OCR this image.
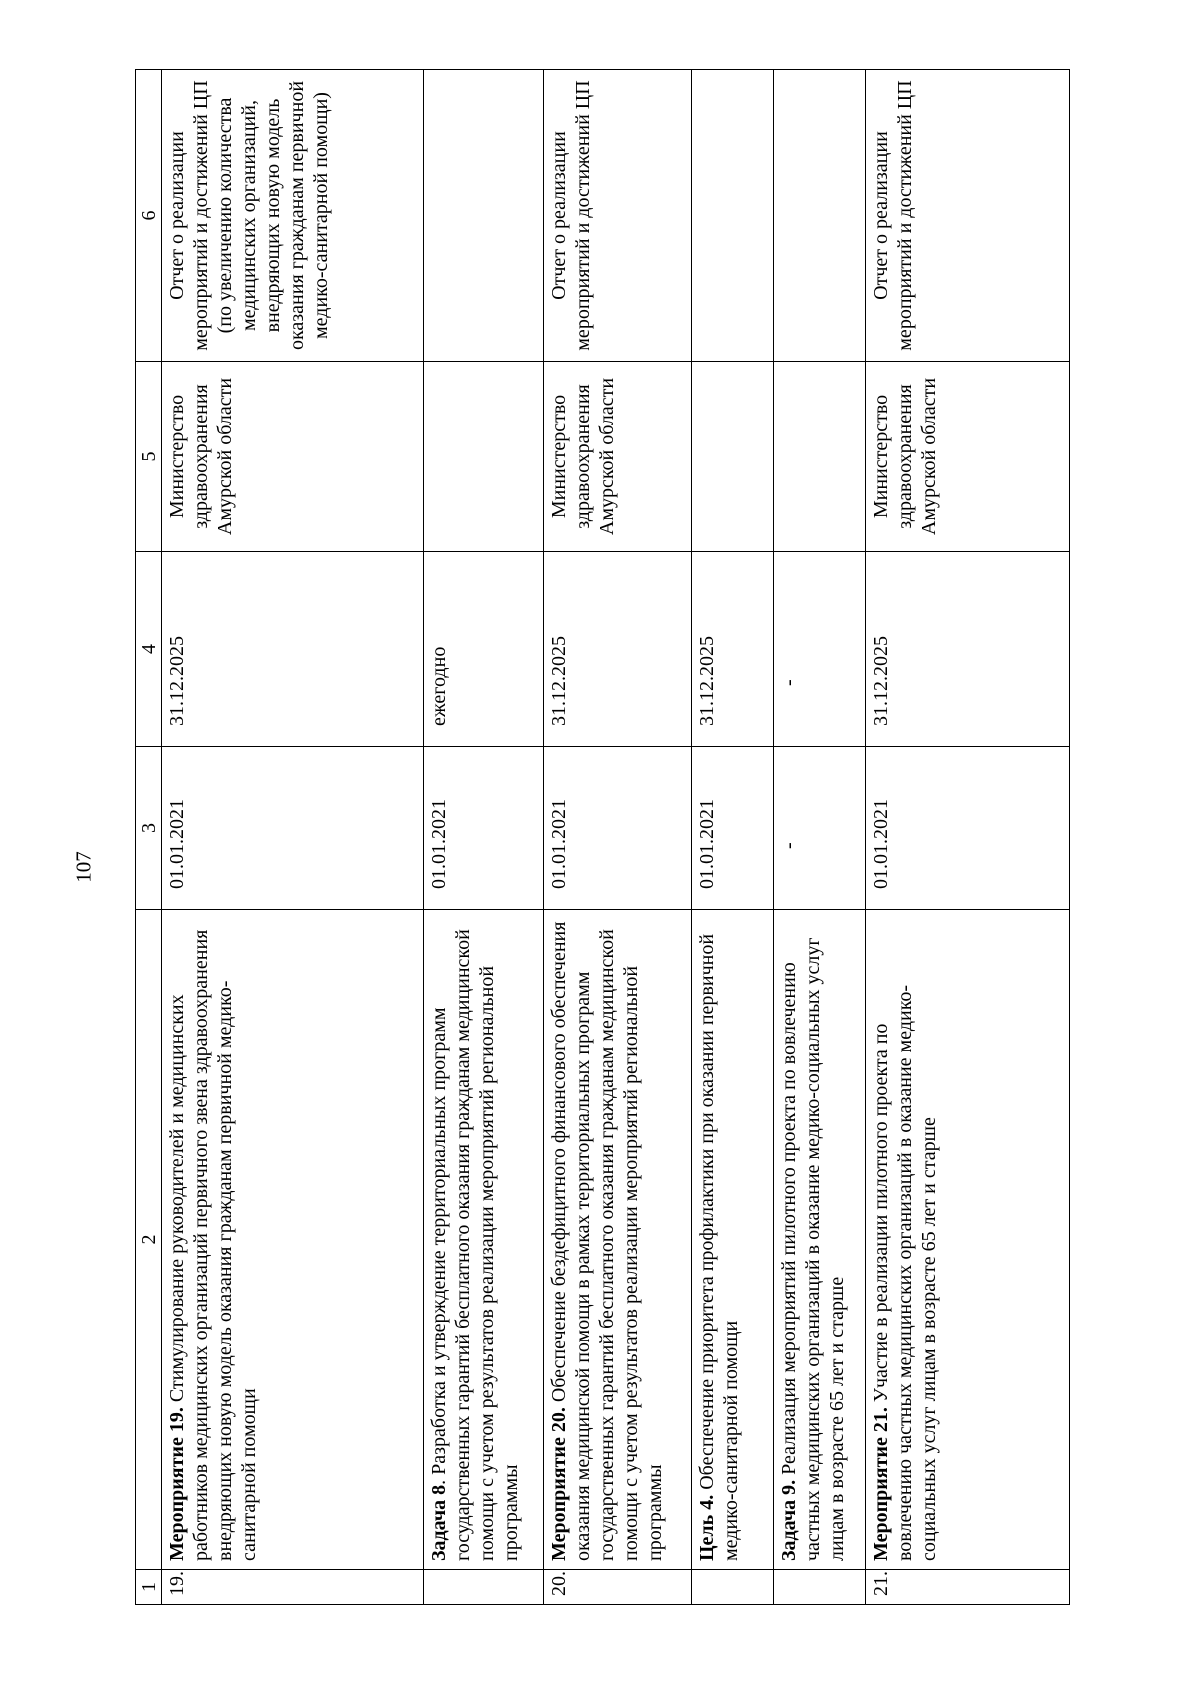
107
1	2	3	4	5	6
19.	Мероприятие 19. Стимулирование руководителей и медицинских работников медицинских организаций первичного звена здравоохранения внедряющих новую модель оказания гражданам первичной медико-санитарной помощи	01.01.2021	31.12.2025	Министерство здравоохранения Амурской области	Отчет о реализации мероприятий и достижений ЦП (по увеличению количества медицинских организаций, внедряющих новую модель оказания гражданам первичной медико-санитарной помощи)
	Задача 8. Разработка и утверждение территориальных программ государственных гарантий бесплатного оказания гражданам медицинской помощи с учетом результатов реализации мероприятий региональной программы	01.01.2021	ежегодно		
20.	Мероприятие 20. Обеспечение бездефицитного финансового обеспечения оказания медицинской помощи в рамках территориальных программ государственных гарантий бесплатного оказания гражданам медицинской помощи с учетом результатов реализации мероприятий региональной программы	01.01.2021	31.12.2025	Министерство здравоохранения Амурской области	Отчет о реализации мероприятий и достижений ЦП
	Цель 4. Обеспечение приоритета профилактики при оказании первичной медико-санитарной помощи	01.01.2021	31.12.2025		
	Задача 9. Реализация мероприятий пилотного проекта по вовлечению частных медицинских организаций в оказание медико-социальных услуг лицам в возрасте 65 лет и старше	-	-		
21.	Мероприятие 21. Участие в реализации пилотного проекта по вовлечению частных медицинских организаций в оказание медико-социальных услуг лицам в возрасте 65 лет и старше	01.01.2021	31.12.2025	Министерство здравоохранения Амурской области	Отчет о реализации мероприятий и достижений ЦП
